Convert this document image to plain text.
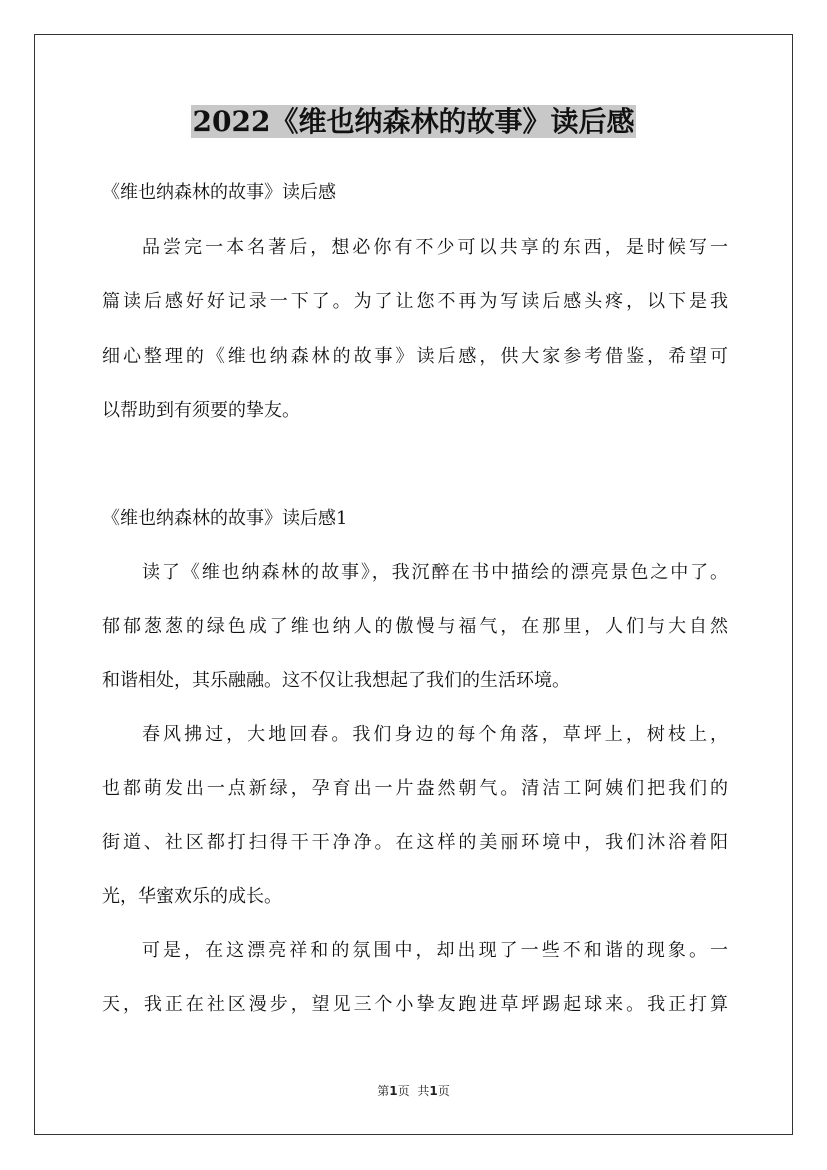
2022《维也纳森林的故事》读后感

《维也纳森林的故事》读后感

品尝完一本名著后，想必你有不少可以共享的东西，是时候写一

篇读后感好好记录一下了。为了让您不再为写读后感头疼，以下是我

细心整理的《维也纳森林的故事》读后感，供大家参考借鉴，希望可

以帮助到有须要的挚友。

《维也纳森林的故事》读后感1

读了《维也纳森林的故事》，我沉醉在书中描绘的漂亮景色之中了。

郁郁葱葱的绿色成了维也纳人的傲慢与福气，在那里，人们与大自然

和谐相处，其乐融融。这不仅让我想起了我们的生活环境。

春风拂过，大地回春。我们身边的每个角落，草坪上，树枝上，

也都萌发出一点新绿，孕育出一片盎然朝气。清洁工阿姨们把我们的

街道、社区都打扫得干干净净。在这样的美丽环境中，我们沐浴着阳

光，华蜜欢乐的成长。

可是，在这漂亮祥和的氛围中，却出现了一些不和谐的现象。一

天，我正在社区漫步，望见三个小挚友跑进草坪踢起球来。我正打算

第1页 共1页
